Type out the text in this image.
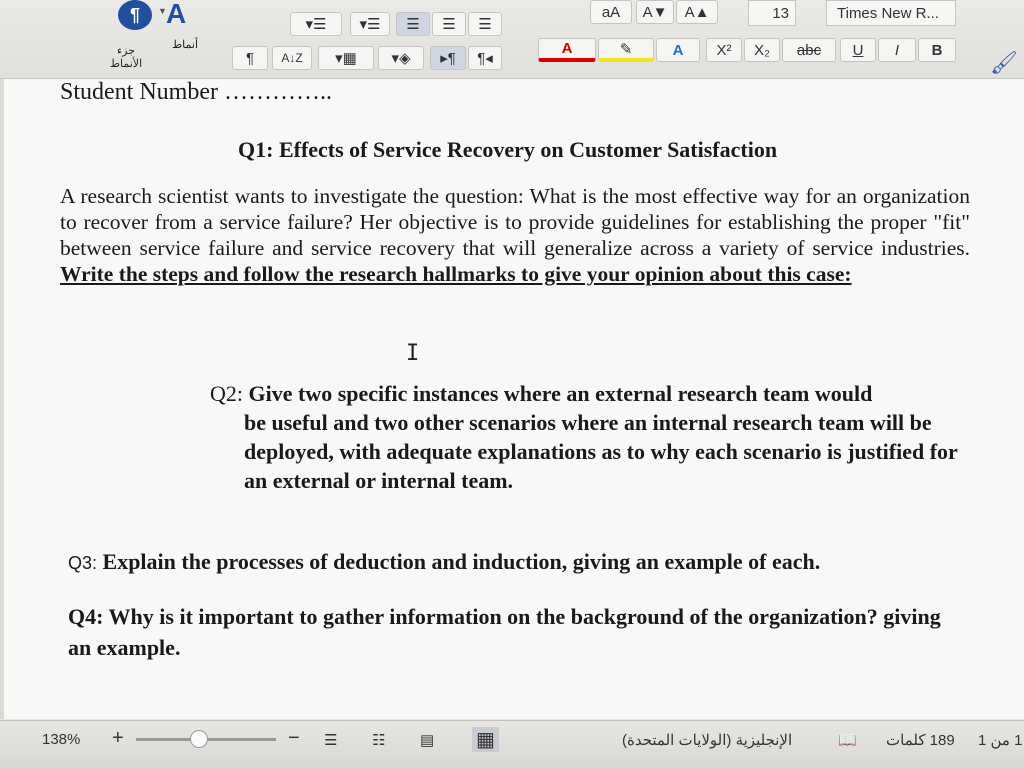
¶	▼ A
جزء الأنماط
أنماط
▾☰	▾☰	☰	☰	☰
¶	A↓Z	▾▦	▾◈	▸¶	¶◂
aA	A▼	A▲	13	Times New R...
A	✎	A	X²	X₂	abc	U	I	B	🖌
Student Number …………..
Q1: Effects of Service Recovery on Customer Satisfaction
A research scientist wants to investigate the question: What is the most effective way for an organization to recover from a service failure? Her objective is to provide guidelines for establishing the proper "fit" between service failure and service recovery that will generalize across a variety of service industries. Write the steps and follow the research hallmarks to give your opinion about this case:
I
Q2: Give two specific instances where an external research team would
be useful and two other scenarios where an internal research team will be deployed, with adequate explanations as to why each scenario is justified for an external or internal team.
Q3: Explain the processes of deduction and induction, giving an example of each.
Q4: Why is it important to gather information on the background of the organization? giving an example.
138% +	− ☰ ☷ ▤ ▦	الإنجليزية (الولايات المتحدة)	📖 189 كلمات 1 من 1
